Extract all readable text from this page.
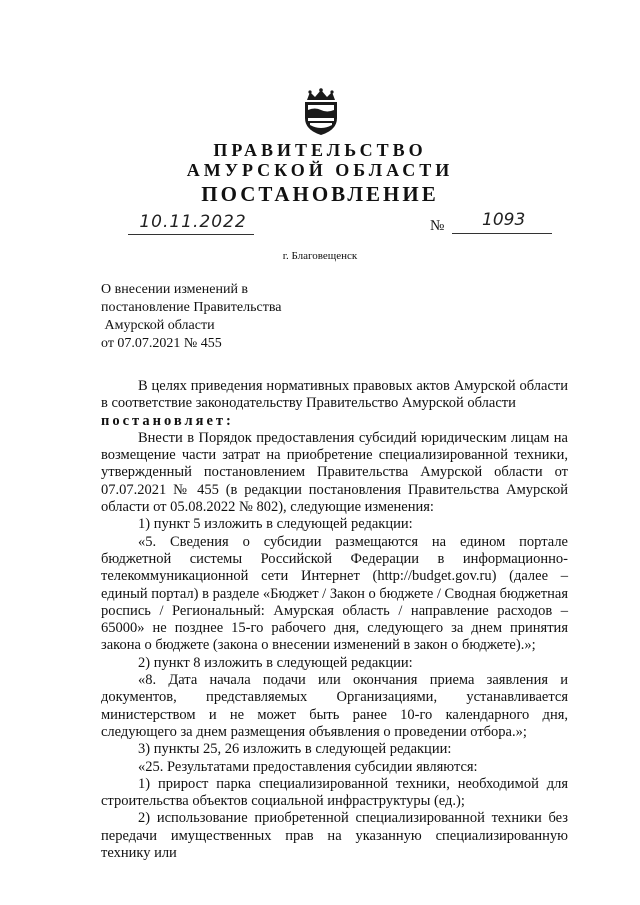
ПРАВИТЕЛЬСТВО
АМУРСКОЙ ОБЛАСТИ
ПОСТАНОВЛЕНИЕ
10.11.2022	№ 1093
г. Благовещенск
О внесении изменений в
постановление Правительства
Амурской области
от 07.07.2021 № 455

В целях приведения нормативных правовых актов Амурской области в соответствие законодательству Правительство Амурской области

постановляет:

Внести в Порядок предоставления субсидий юридическим лицам на возмещение части затрат на приобретение специализированной техники, утвержденный постановлением Правительства Амурской области от 07.07.2021 № 455 (в редакции постановления Правительства Амурской области от 05.08.2022 № 802), следующие изменения:

1) пункт 5 изложить в следующей редакции:

«5. Сведения о субсидии размещаются на едином портале бюджетной системы Российской Федерации в информационно-телекоммуникационной сети Интернет (http://budget.gov.ru) (далее – единый портал) в разделе «Бюджет / Закон о бюджете / Сводная бюджетная роспись / Региональный: Амурская область / направление расходов – 65000» не позднее 15-го рабочего дня, следующего за днем принятия закона о бюджете (закона о внесении изменений в закон о бюджете).»;

2) пункт 8 изложить в следующей редакции:

«8. Дата начала подачи или окончания приема заявления и документов, представляемых Организациями, устанавливается министерством и не может быть ранее 10-го календарного дня, следующего за днем размещения объявления о проведении отбора.»;

3) пункты 25, 26 изложить в следующей редакции:

«25. Результатами предоставления субсидии являются:

1) прирост парка специализированной техники, необходимой для строительства объектов социальной инфраструктуры (ед.);

2) использование приобретенной специализированной техники без передачи имущественных прав на указанную специализированную технику или
